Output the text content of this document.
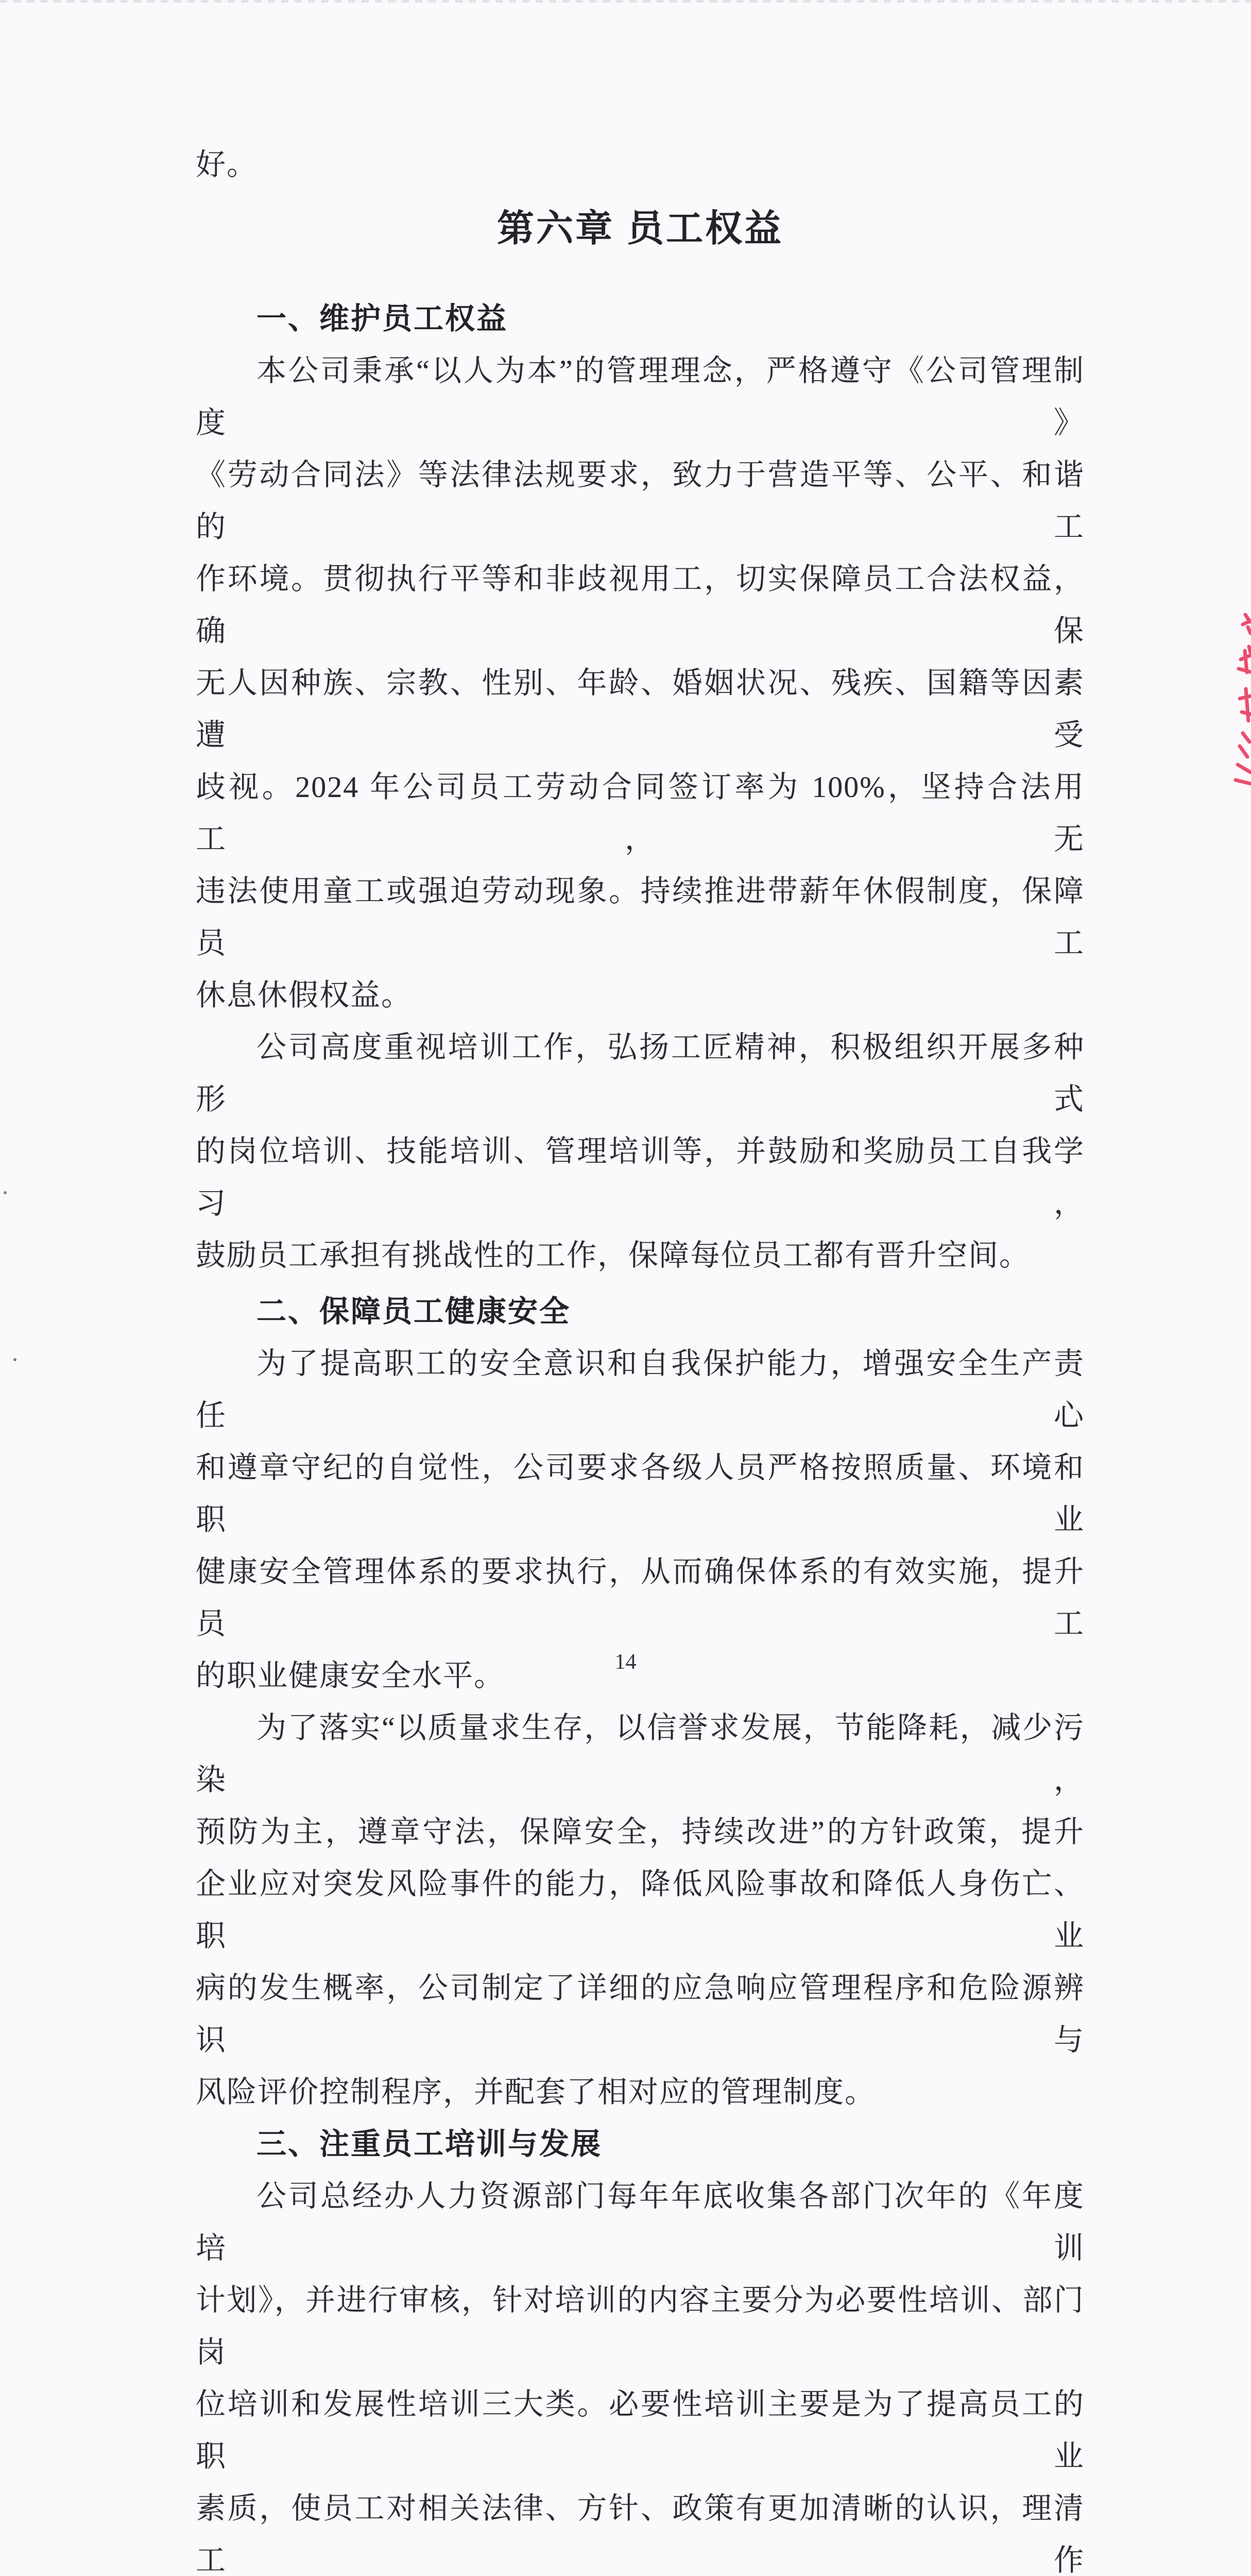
好。
第六章 员工权益
一、维护员工权益
本公司秉承“以人为本”的管理理念，严格遵守《公司管理制度》
《劳动合同法》等法律法规要求，致力于营造平等、公平、和谐的工
作环境。贯彻执行平等和非歧视用工，切实保障员工合法权益，确保
无人因种族、宗教、性别、年龄、婚姻状况、残疾、国籍等因素遭受
歧视。2024 年公司员工劳动合同签订率为 100%，坚持合法用工，无
违法使用童工或强迫劳动现象。持续推进带薪年休假制度，保障员工
休息休假权益。
公司高度重视培训工作，弘扬工匠精神，积极组织开展多种形式
的岗位培训、技能培训、管理培训等，并鼓励和奖励员工自我学习，
鼓励员工承担有挑战性的工作，保障每位员工都有晋升空间。
二、保障员工健康安全
为了提高职工的安全意识和自我保护能力，增强安全生产责任心
和遵章守纪的自觉性，公司要求各级人员严格按照质量、环境和职业
健康安全管理体系的要求执行，从而确保体系的有效实施，提升员工
的职业健康安全水平。
为了落实“以质量求生存，以信誉求发展，节能降耗，减少污染，
预防为主，遵章守法，保障安全，持续改进”的方针政策，提升
企业应对突发风险事件的能力，降低风险事故和降低人身伤亡、职业
病的发生概率，公司制定了详细的应急响应管理程序和危险源辨识与
风险评价控制程序，并配套了相对应的管理制度。
三、注重员工培训与发展
公司总经办人力资源部门每年年底收集各部门次年的《年度培训
计划》，并进行审核，针对培训的内容主要分为必要性培训、部门岗
位培训和发展性培训三大类。必要性培训主要是为了提高员工的职业
素质，使员工对相关法律、方针、政策有更加清晰的认识，理清工作
14
